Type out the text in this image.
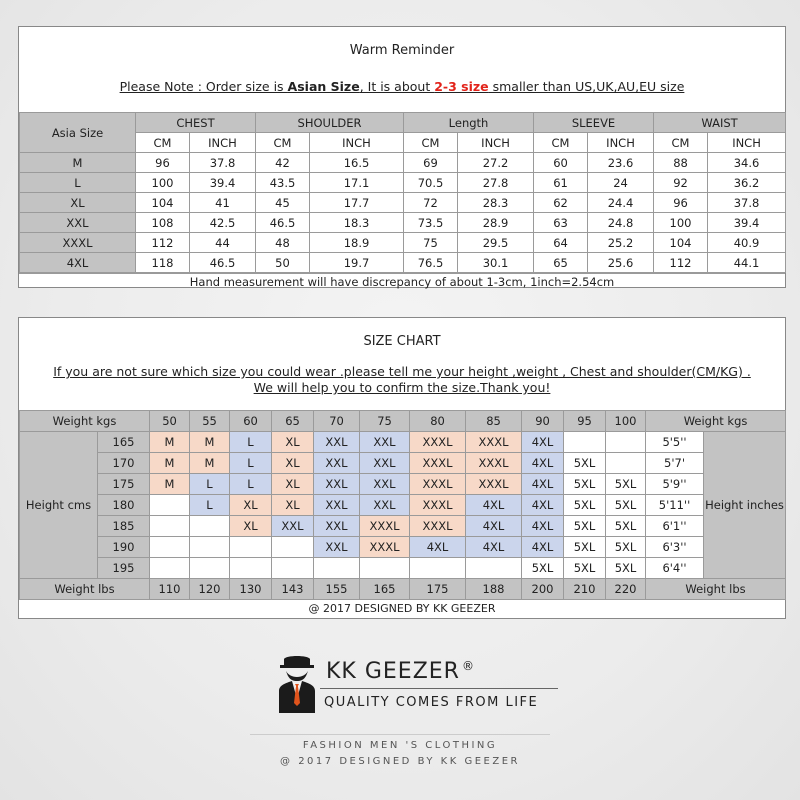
Warm Reminder
Please Note : Order size is Asian Size, It is about 2-3 size smaller than US,UK,AU,EU size
Asia Size	CHEST		SHOULDER		Length		SLEEVE		WAIST	
	CM	INCH	CM	INCH	CM	INCH	CM	INCH	CM	INCH
M	96	37.8	42	16.5	69	27.2	60	23.6	88	34.6
L	100	39.4	43.5	17.1	70.5	27.8	61	24	92	36.2
XL	104	41	45	17.7	72	28.3	62	24.4	96	37.8
XXL	108	42.5	46.5	18.3	73.5	28.9	63	24.8	100	39.4
XXXL	112	44	48	18.9	75	29.5	64	25.2	104	40.9
4XL	118	46.5	50	19.7	76.5	30.1	65	25.6	112	44.1
Hand measurement will have discrepancy of about 1-3cm, 1inch=2.54cm
SIZE CHART
If you are not sure which size you could wear .please tell me your height ,weight , Chest and shoulder(CM/KG) .
We will help you to confirm the size.Thank you!
Weight kgs		50	55	60	65	70	75	80	85	90	95	100	Weight kgs	
Height cms	165	M	M	L	XL	XXL	XXL	XXXL	XXXL	4XL			5'5''	Height inches
	170	M	M	L	XL	XXL	XXL	XXXL	XXXL	4XL	5XL		5'7'	
	175	M	L	L	XL	XXL	XXL	XXXL	XXXL	4XL	5XL	5XL	5'9''	
	180		L	XL	XL	XXL	XXL	XXXL	4XL	4XL	5XL	5XL	5'11''	
	185			XL	XXL	XXL	XXXL	XXXL	4XL	4XL	5XL	5XL	6'1''	
	190					XXL	XXXL	4XL	4XL	4XL	5XL	5XL	6'3''	
	195									5XL	5XL	5XL	6'4''	
Weight lbs		110	120	130	143	155	165	175	188	200	210	220	Weight lbs	
@ 2017 DESIGNED BY KK GEEZER
KK GEEZER ®
QUALITY COMES FROM LIFE
FASHION MEN 'S CLOTHING
@ 2017 DESIGNED BY KK GEEZER
